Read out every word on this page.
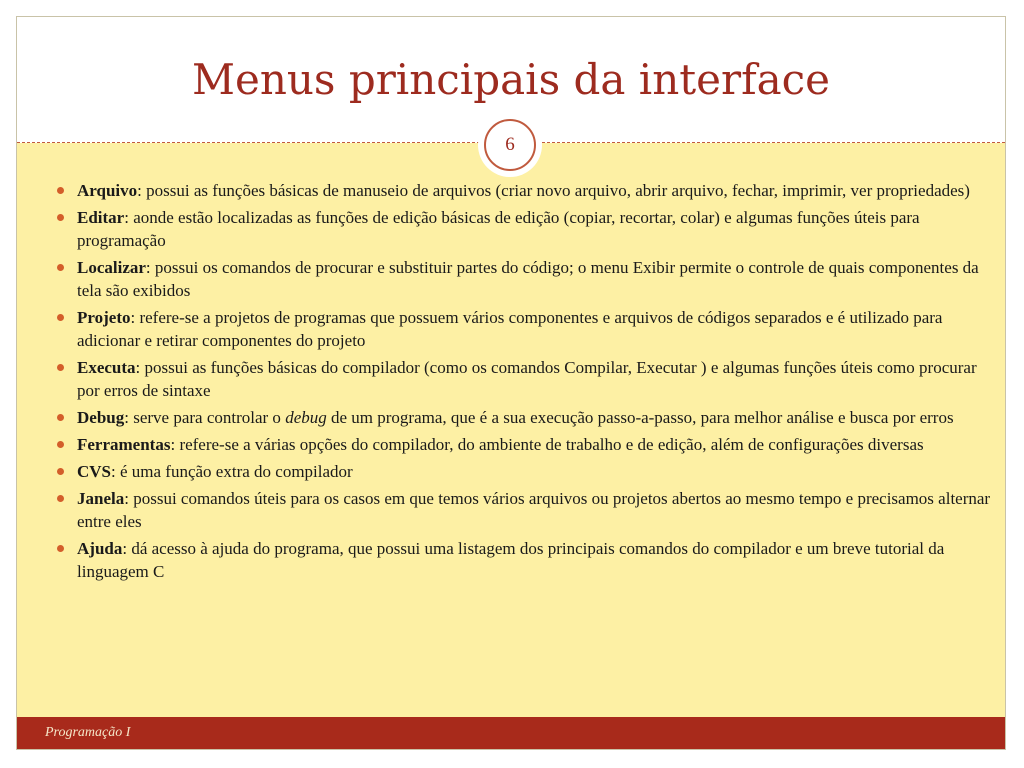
Menus principais da interface
6
Arquivo: possui as funções básicas de manuseio de arquivos (criar novo arquivo, abrir arquivo, fechar, imprimir, ver propriedades)
Editar: aonde estão localizadas as funções de edição básicas de edição (copiar, recortar, colar) e algumas funções úteis para programação
Localizar: possui os comandos de procurar e substituir partes do código; o menu Exibir permite o controle de quais componentes da tela são exibidos
Projeto: refere-se a projetos de programas que possuem vários componentes e arquivos de códigos separados e é utilizado para adicionar e retirar componentes do projeto
Executa: possui as funções básicas do compilador (como os comandos Compilar, Executar ) e algumas funções úteis como procurar por erros de sintaxe
Debug: serve para controlar o debug de um programa, que é a sua execução passo-a-passo, para melhor análise e busca por erros
Ferramentas: refere-se a várias opções do compilador, do ambiente de trabalho e de edição, além de configurações diversas
CVS: é uma função extra do compilador
Janela: possui comandos úteis para os casos em que temos vários arquivos ou projetos abertos ao mesmo tempo e precisamos alternar entre eles
Ajuda: dá acesso à ajuda do programa, que possui uma listagem dos principais comandos do compilador e um breve tutorial da linguagem C
Programação I
